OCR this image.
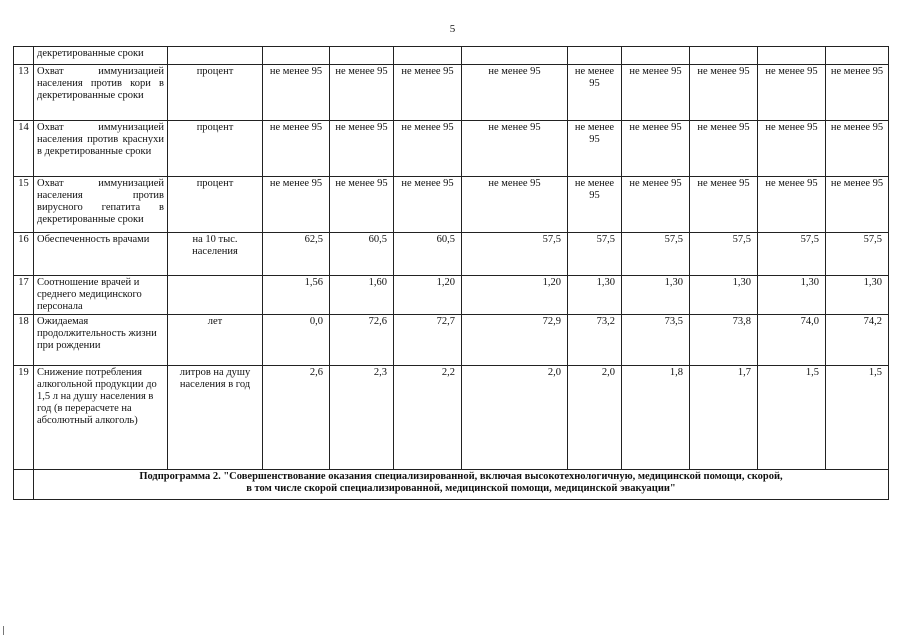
5
	декретированные сроки										
13	Охват иммунизацией населения против кори в декретированные сроки	процент	не менее 95	не менее 95	не менее 95	не менее 95	не менее 95	не менее 95	не менее 95	не менее 95	не менее 95
14	Охват иммунизацией населения против краснухи в декретированные сроки	процент	не менее 95	не менее 95	не менее 95	не менее 95	не менее 95	не менее 95	не менее 95	не менее 95	не менее 95
15	Охват иммунизацией населения против вирусного гепатита в декретированные сроки	процент	не менее 95	не менее 95	не менее 95	не менее 95	не менее 95	не менее 95	не менее 95	не менее 95	не менее 95
16	Обеспеченность врачами	на 10 тыс. населения	62,5	60,5	60,5	57,5	57,5	57,5	57,5	57,5	57,5
17	Соотношение врачей и среднего медицинского персонала		1,56	1,60	1,20	1,20	1,30	1,30	1,30	1,30	1,30
18	Ожидаемая продолжительность жизни при рождении	лет	0,0	72,6	72,7	72,9	73,2	73,5	73,8	74,0	74,2
19	Снижение потребления алкогольной продукции до 1,5 л на душу населения в год (в перерасчете на абсолютный алкоголь)	литров на душу населения в год	2,6	2,3	2,2	2,0	2,0	1,8	1,7	1,5	1,5

	Подпрограмма 2. "Совершенствование оказания специализированной, включая высокотехнологичную, медицинской помощи, скорой,
в том числе скорой специализированной, медицинской помощи, медицинской эвакуации"										
